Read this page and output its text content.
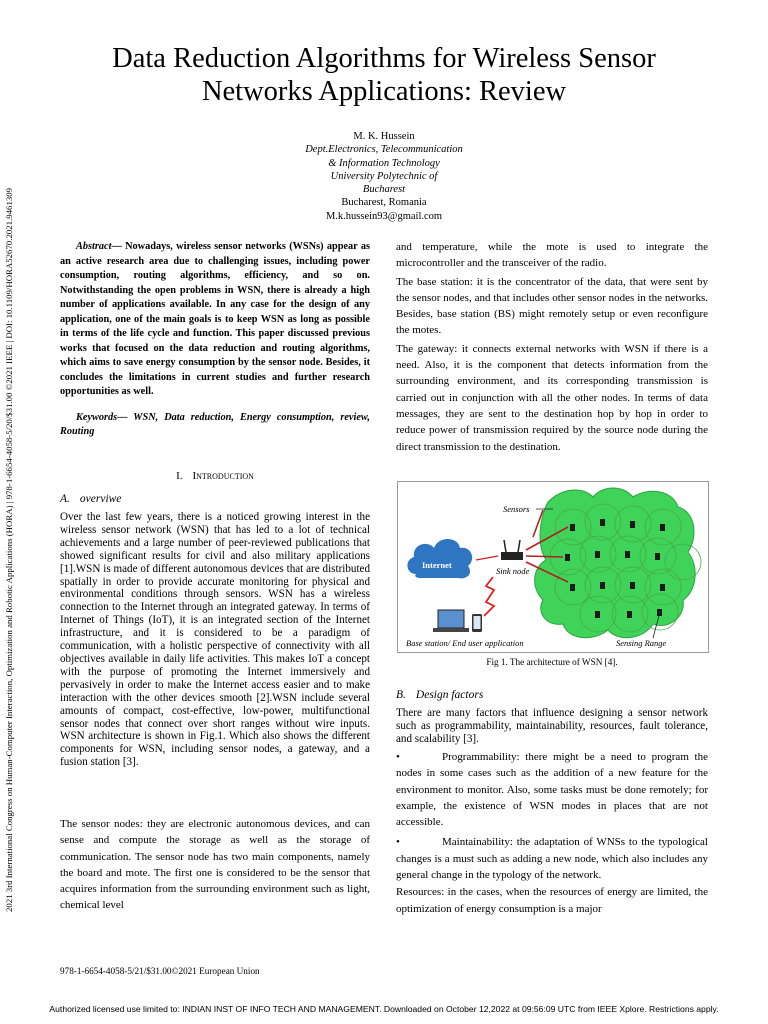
2021 3rd International Congress on Human-Computer Interaction, Optimization and Robotic Applications (HORA) | 978-1-6654-4058-5/20/$31.00 ©2021 IEEE | DOI: 10.1109/HORA52670.2021.9461309
Data Reduction Algorithms for Wireless Sensor
Networks Applications: Review
M. K. Hussein
Dept.Electronics, Telecommunication
& Information Technology
University Polytechnic of
Bucharest
Bucharest, Romania
M.k.hussein93@gmail.com

Abstract— Nowadays, wireless sensor networks (WSNs) appear as an active research area due to challenging issues, including power consumption, routing algorithms, efficiency, and so on. Notwithstanding the open problems in WSN, there is already a high number of applications available. In any case for the design of any application, one of the main goals is to keep WSN as long as possible in terms of the life cycle and function. This paper discussed previous works that focused on the data reduction and routing algorithms, which aims to save energy consumption by the sensor node. Besides, it concludes the limitations in current studies and further research opportunities as well.

Keywords— WSN, Data reduction, Energy consumption, review, Routing

I. Introduction
A. overviwe

Over the last few years, there is a noticed growing interest in the wireless sensor network (WSN) that has led to a lot of technical achievements and a large number of peer-reviewed publications that showed significant results for civil and also military applications [1].WSN is made of different autonomous devices that are distributed spatially in order to provide accurate monitoring for physical and environmental conditions through sensors. WSN has a wireless connection to the Internet through an integrated gateway. In terms of Internet of Things (IoT), it is an integrated section of the Internet infrastructure, and it is considered to be a paradigm of communication, with a holistic perspective of connectivity with all objectives available in daily life activities. This makes IoT a concept with the purpose of promoting the Internet immersively and pervasively in order to make the Internet access easier and to make interaction with the other devices smooth [2].WSN include several amounts of compact, cost-effective, low-power, multifunctional sensor nodes that connect over short ranges without wire inputs. WSN architecture is shown in Fig.1. Which also shows the different components for WSN, including sensor nodes, a gateway, and a fusion station [3].

The sensor nodes: they are electronic autonomous devices, and can sense and compute the storage as well as the storage of communication. The sensor node has two main components, namely the board and mote. The first one is considered to be the sensor that acquires information from the surrounding environment such as light, chemical level

and temperature, while the mote is used to integrate the microcontroller and the transceiver of the radio.

The base station: it is the concentrator of the data, that were sent by the sensor nodes, and that includes other sensor nodes in the networks. Besides, base station (BS) might remotely setup or even reconfigure the motes.

The gateway: it connects external networks with WSN if there is a need. Also, it is the component that detects information from the surrounding environment, and its corresponding transmission is carried out in conjunction with all the other nodes. In terms of data messages, they are sent to the destination hop by hop in order to reduce power of transmission required by the source node during the direct transmission to the destination.

Sink node
Sensors
Internet
Base station/ End user application	Sensing Range
Fig 1. The architecture of WSN [4].
B. Design factors

There are many factors that influence designing a sensor network such as programmability, maintainability, resources, fault tolerance, and scalability [3].

•	Programmability: there might be a need to program the nodes in some cases such as the addition of a new feature for the environment to monitor. Also, some tasks must be done remotely; for example, the existence of WSN modes in places that are not accessible.

•	Maintainability: the adaptation of WNSs to the typological changes is a must such as adding a new node, which also includes any general change in the typology of the network.

Resources: in the cases, when the resources of energy are limited, the optimization of energy consumption is a major

978-1-6654-4058-5/21/$31.00©2021 European Union
Authorized licensed use limited to: INDIAN INST OF INFO TECH AND MANAGEMENT. Downloaded on October 12,2022 at 09:56:09 UTC from IEEE Xplore. Restrictions apply.
